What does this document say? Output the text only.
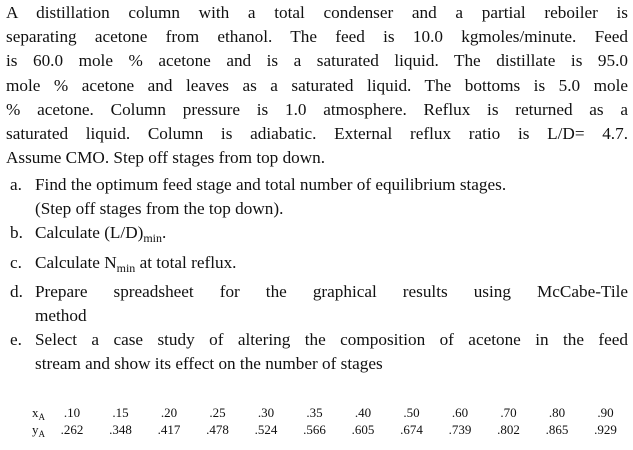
A distillation column with a total condenser and a partial reboiler is
separating acetone from ethanol. The feed is 10.0 kgmoles/minute. Feed
is 60.0 mole % acetone and is a saturated liquid. The distillate is 95.0
mole % acetone and leaves as a saturated liquid. The bottoms is 5.0 mole
% acetone. Column pressure is 1.0 atmosphere. Reflux is returned as a
saturated liquid. Column is adiabatic. External reflux ratio is L/D= 4.7.
Assume CMO. Step off stages from top down.
a. Find the optimum feed stage and total number of equilibrium stages.
(Step off stages from the top down).
b. Calculate $(L/D)_{min}$.
c. Calculate $N_{min}$ at total reflux.
d. Prepare spreadsheet for the graphical results using McCabe-Tile
method
e. Select a case study of altering the composition of acetone in the feed
stream and show its effect on the number of stages
$x_A$	.10	.15	.20	.25	.30	.35	.40	.50	.60	.70	.80	.90
$y_A$	.262	.348	.417	.478	.524	.566	.605	.674	.739	.802	.865	.929
